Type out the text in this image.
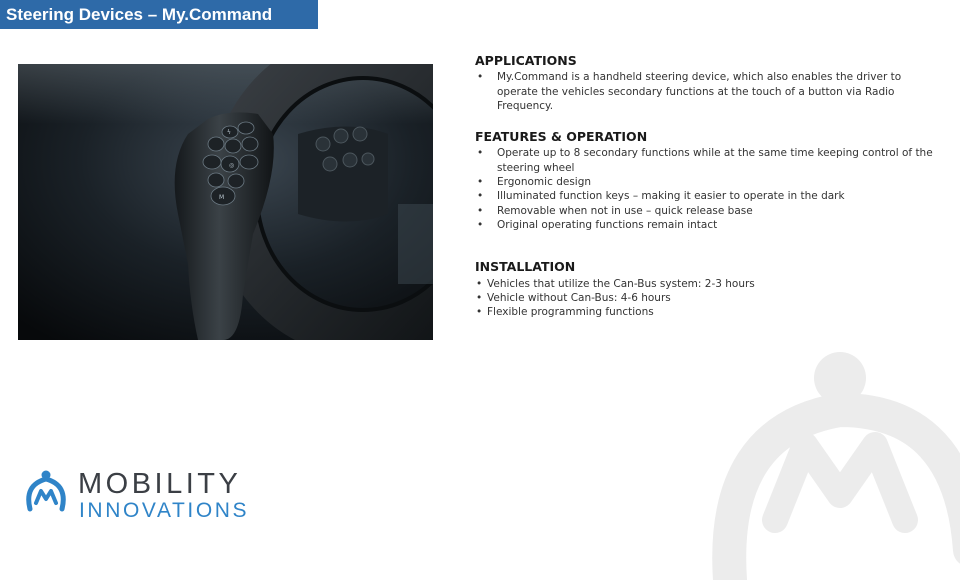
Steering Devices – My.Command
ϟ
◎
M
APPLICATIONS
• My.Command is a handheld steering device, which also enables the driver to operate the vehicles secondary functions at the touch of a button via Radio Frequency.
FEATURES & OPERATION
• Operate up to 8 secondary functions while at the same time keeping control of the steering wheel
• Ergonomic design
• Illuminated function keys – making it easier to operate in the dark
• Removable when not in use – quick release base
• Original operating functions remain intact
INSTALLATION
• Vehicles that utilize the Can-Bus system: 2-3 hours
• Vehicle without Can-Bus: 4-6 hours
• Flexible programming functions
MOBILITY
INNOVATIONS
